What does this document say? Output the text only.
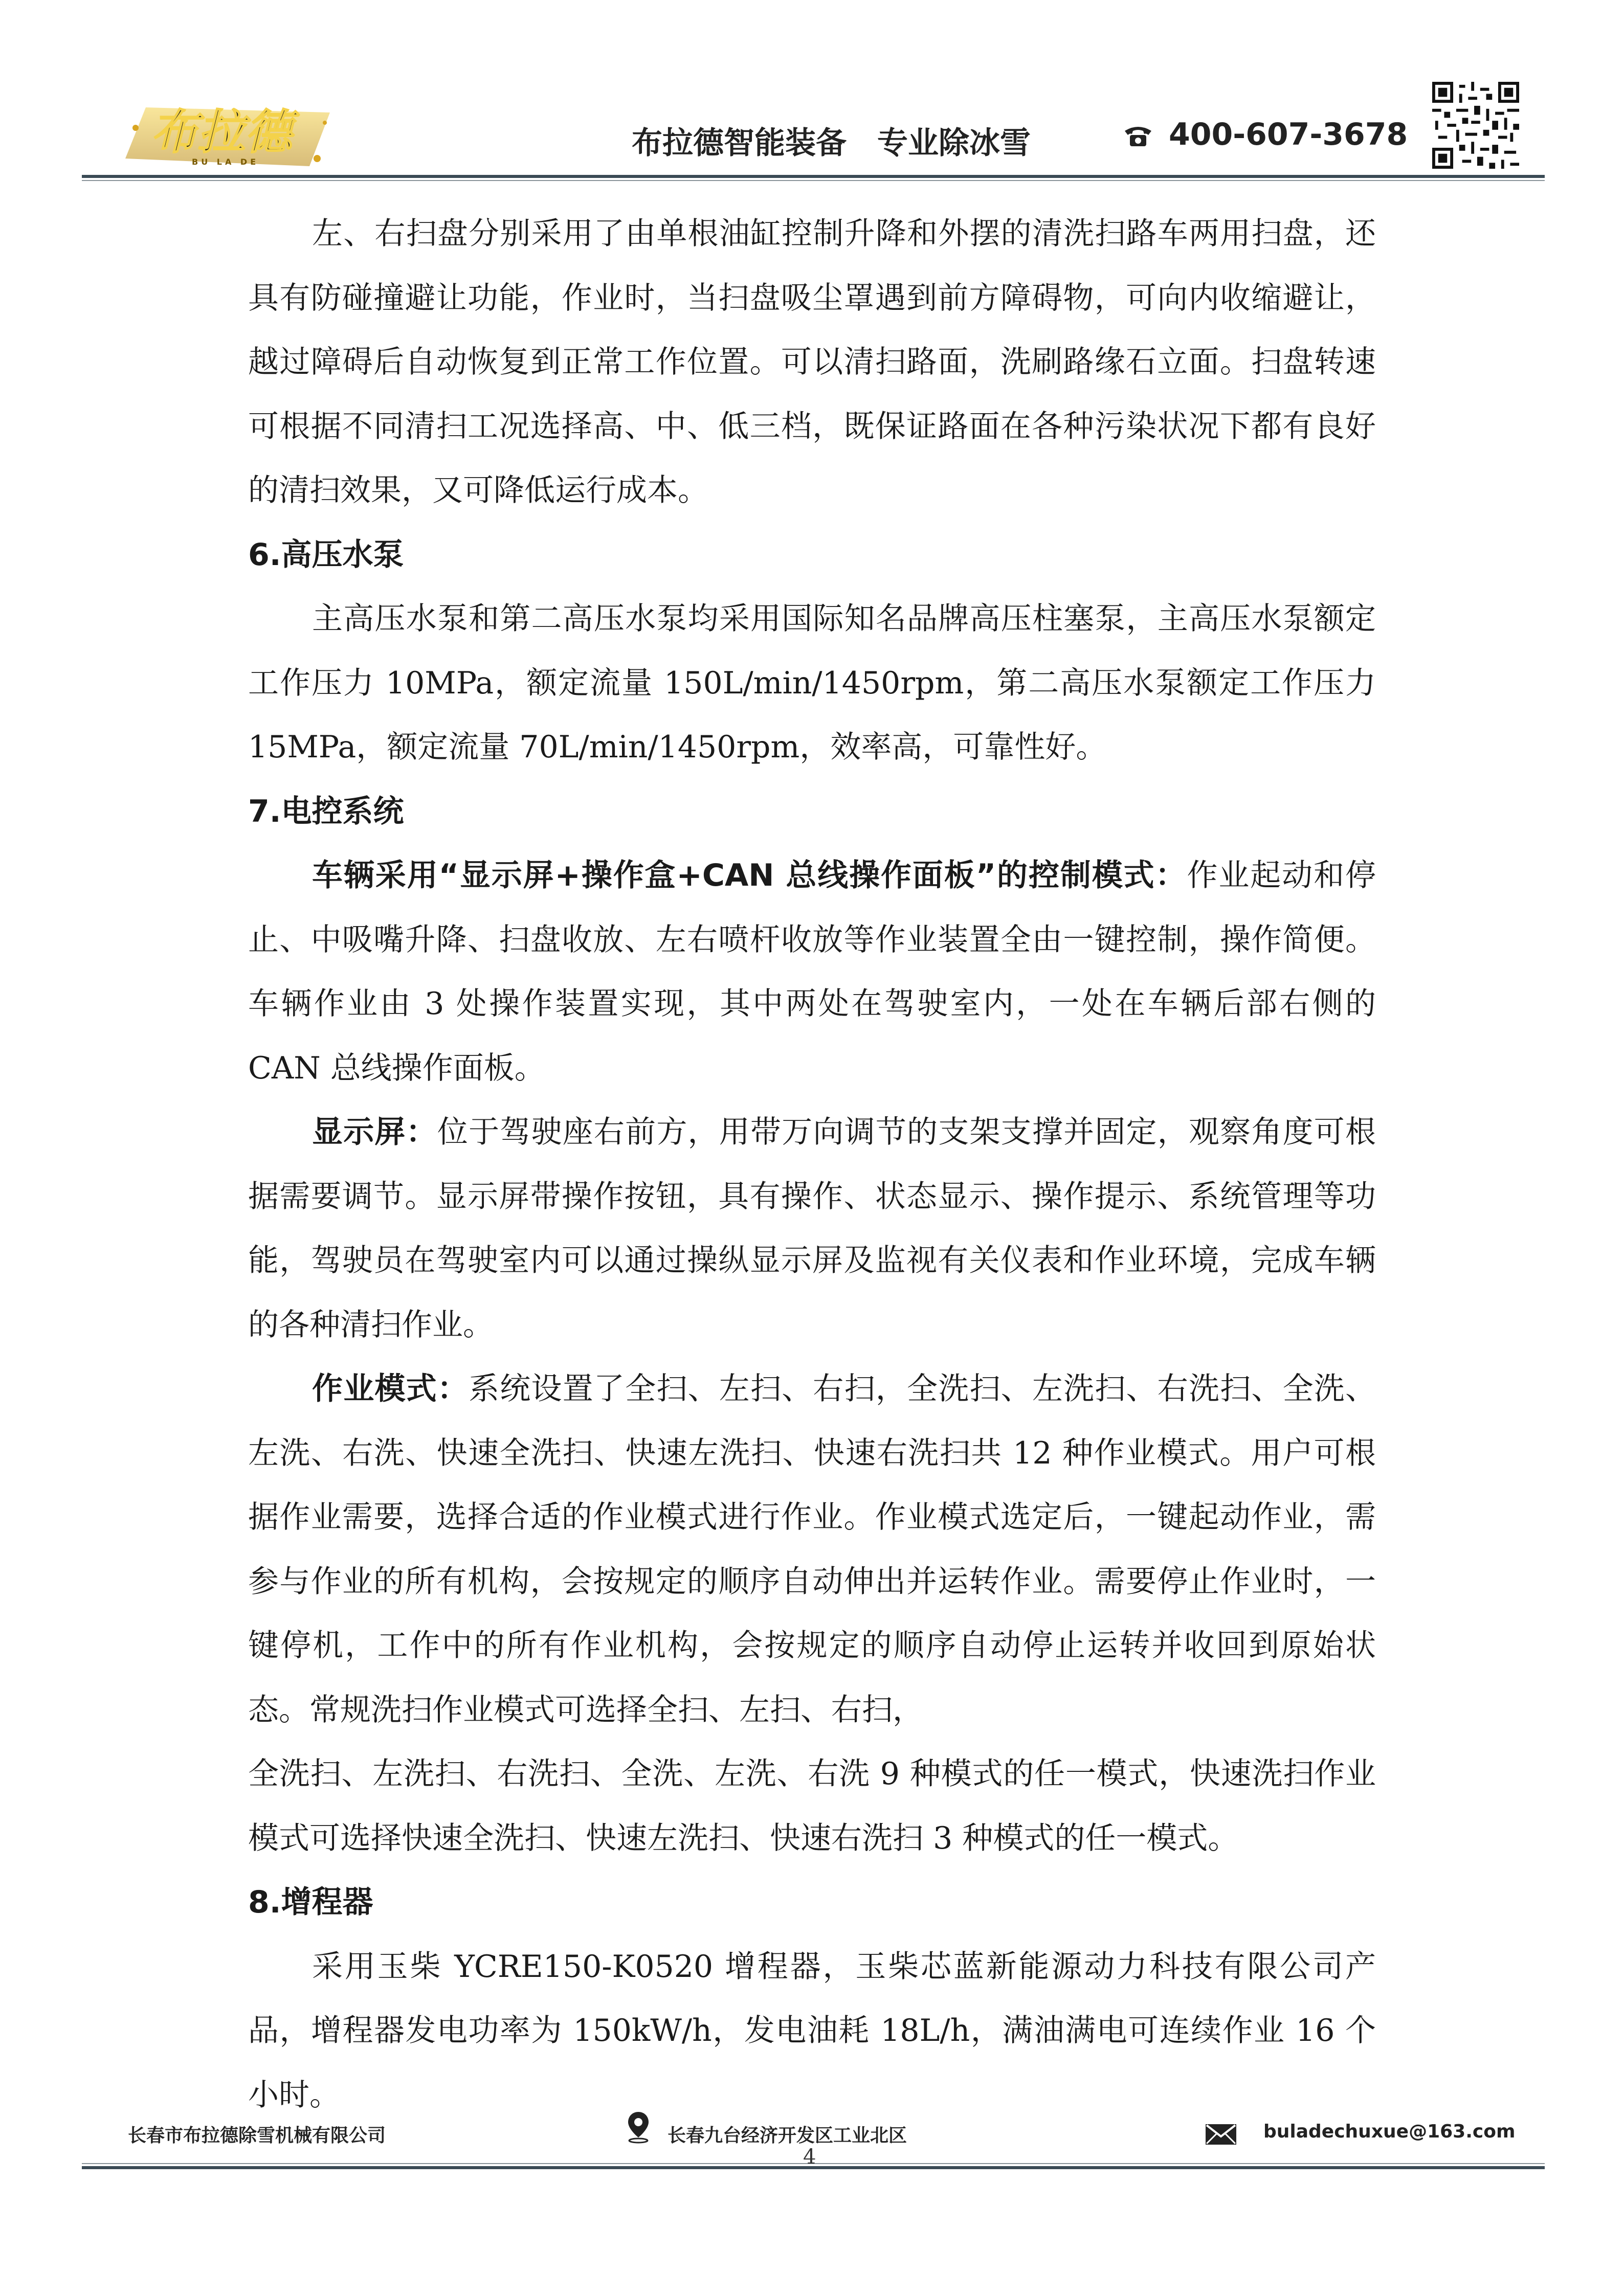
布拉德
BU LA DE
布拉德智能装备 专业除冰雪	400-607-3678

左、右扫盘分别采用了由单根油缸控制升降和外摆的清洗扫路车两用扫盘，还具有防碰撞避让功能，作业时，当扫盘吸尘罩遇到前方障碍物，可向内收缩避让，越过障碍后自动恢复到正常工作位置。可以清扫路面，洗刷路缘石立面。扫盘转速可根据不同清扫工况选择高、中、低三档，既保证路面在各种污染状况下都有良好的清扫效果，又可降低运行成本。

6.高压水泵

主高压水泵和第二高压水泵均采用国际知名品牌高压柱塞泵，主高压水泵额定工作压力 10MPa，额定流量 150L/min/1450rpm，第二高压水泵额定工作压力15MPa，额定流量 70L/min/1450rpm，效率高，可靠性好。

7.电控系统

车辆采用“显示屏+操作盒+CAN 总线操作面板”的控制模式：作业起动和停止、中吸嘴升降、扫盘收放、左右喷杆收放等作业装置全由一键控制，操作简便。车辆作业由 3 处操作装置实现，其中两处在驾驶室内，一处在车辆后部右侧的 CAN 总线操作面板。

显示屏：位于驾驶座右前方，用带万向调节的支架支撑并固定，观察角度可根据需要调节。显示屏带操作按钮，具有操作、状态显示、操作提示、系统管理等功能，驾驶员在驾驶室内可以通过操纵显示屏及监视有关仪表和作业环境，完成车辆的各种清扫作业。

作业模式：系统设置了全扫、左扫、右扫，全洗扫、左洗扫、右洗扫、全洗、左洗、右洗、快速全洗扫、快速左洗扫、快速右洗扫共 12 种作业模式。用户可根据作业需要，选择合适的作业模式进行作业。作业模式选定后，一键起动作业，需参与作业的所有机构，会按规定的顺序自动伸出并运转作业。需要停止作业时，一键停机，工作中的所有作业机构，会按规定的顺序自动停止运转并收回到原始状态。常规洗扫作业模式可选择全扫、左扫、右扫，

全洗扫、左洗扫、右洗扫、全洗、左洗、右洗 9 种模式的任一模式，快速洗扫作业模式可选择快速全洗扫、快速左洗扫、快速右洗扫 3 种模式的任一模式。

8.增程器

采用玉柴 YCRE150-K0520 增程器，玉柴芯蓝新能源动力科技有限公司产品，增程器发电功率为 150kW/h，发电油耗 18L/h，满油满电可连续作业 16 个小时。

长春市布拉德除雪机械有限公司	长春九台经济开发区工业北区	buladechuxue@163.com
4
